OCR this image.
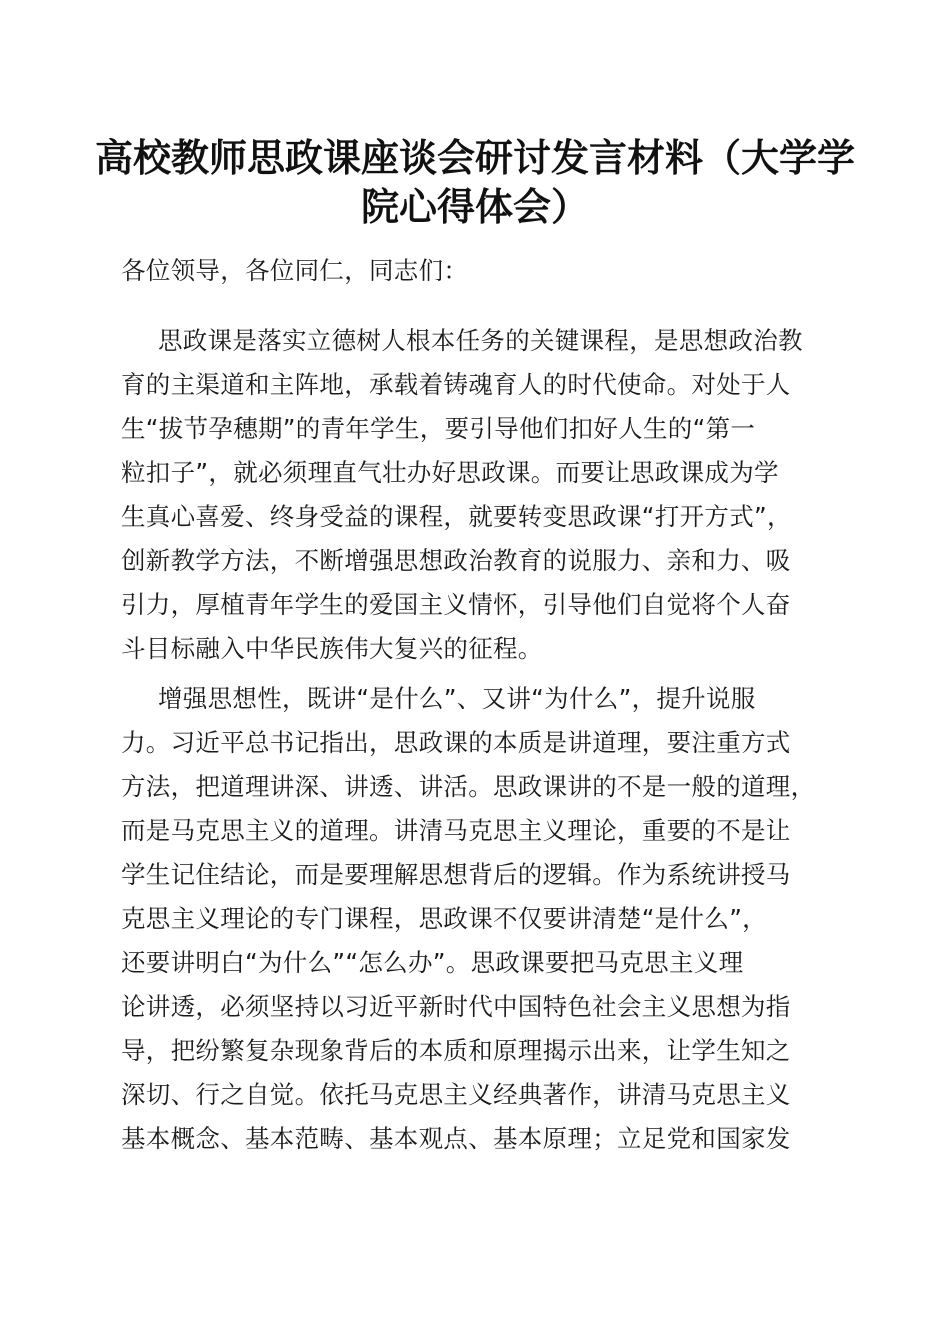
高校教师思政课座谈会研讨发言材料（大学学
院心得体会）
各位领导，各位同仁，同志们：
思政课是落实立德树人根本任务的关键课程，是思想政治教
育的主渠道和主阵地，承载着铸魂育人的时代使命。对处于人
生“拔节孕穗期”的青年学生，要引导他们扣好人生的“第一
粒扣子”，就必须理直气壮办好思政课。而要让思政课成为学
生真心喜爱、终身受益的课程，就要转变思政课“打开方式”，
创新教学方法，不断增强思想政治教育的说服力、亲和力、吸
引力，厚植青年学生的爱国主义情怀，引导他们自觉将个人奋
斗目标融入中华民族伟大复兴的征程。
增强思想性，既讲“是什么”、又讲“为什么”，提升说服
力。习近平总书记指出，思政课的本质是讲道理，要注重方式
方法，把道理讲深、讲透、讲活。思政课讲的不是一般的道理，
而是马克思主义的道理。讲清马克思主义理论，重要的不是让
学生记住结论，而是要理解思想背后的逻辑。作为系统讲授马
克思主义理论的专门课程，思政课不仅要讲清楚“是什么”，
还要讲明白“为什么”“怎么办”。思政课要把马克思主义理
论讲透，必须坚持以习近平新时代中国特色社会主义思想为指
导，把纷繁复杂现象背后的本质和原理揭示出来，让学生知之
深切、行之自觉。依托马克思主义经典著作，讲清马克思主义
基本概念、基本范畴、基本观点、基本原理；立足党和国家发
